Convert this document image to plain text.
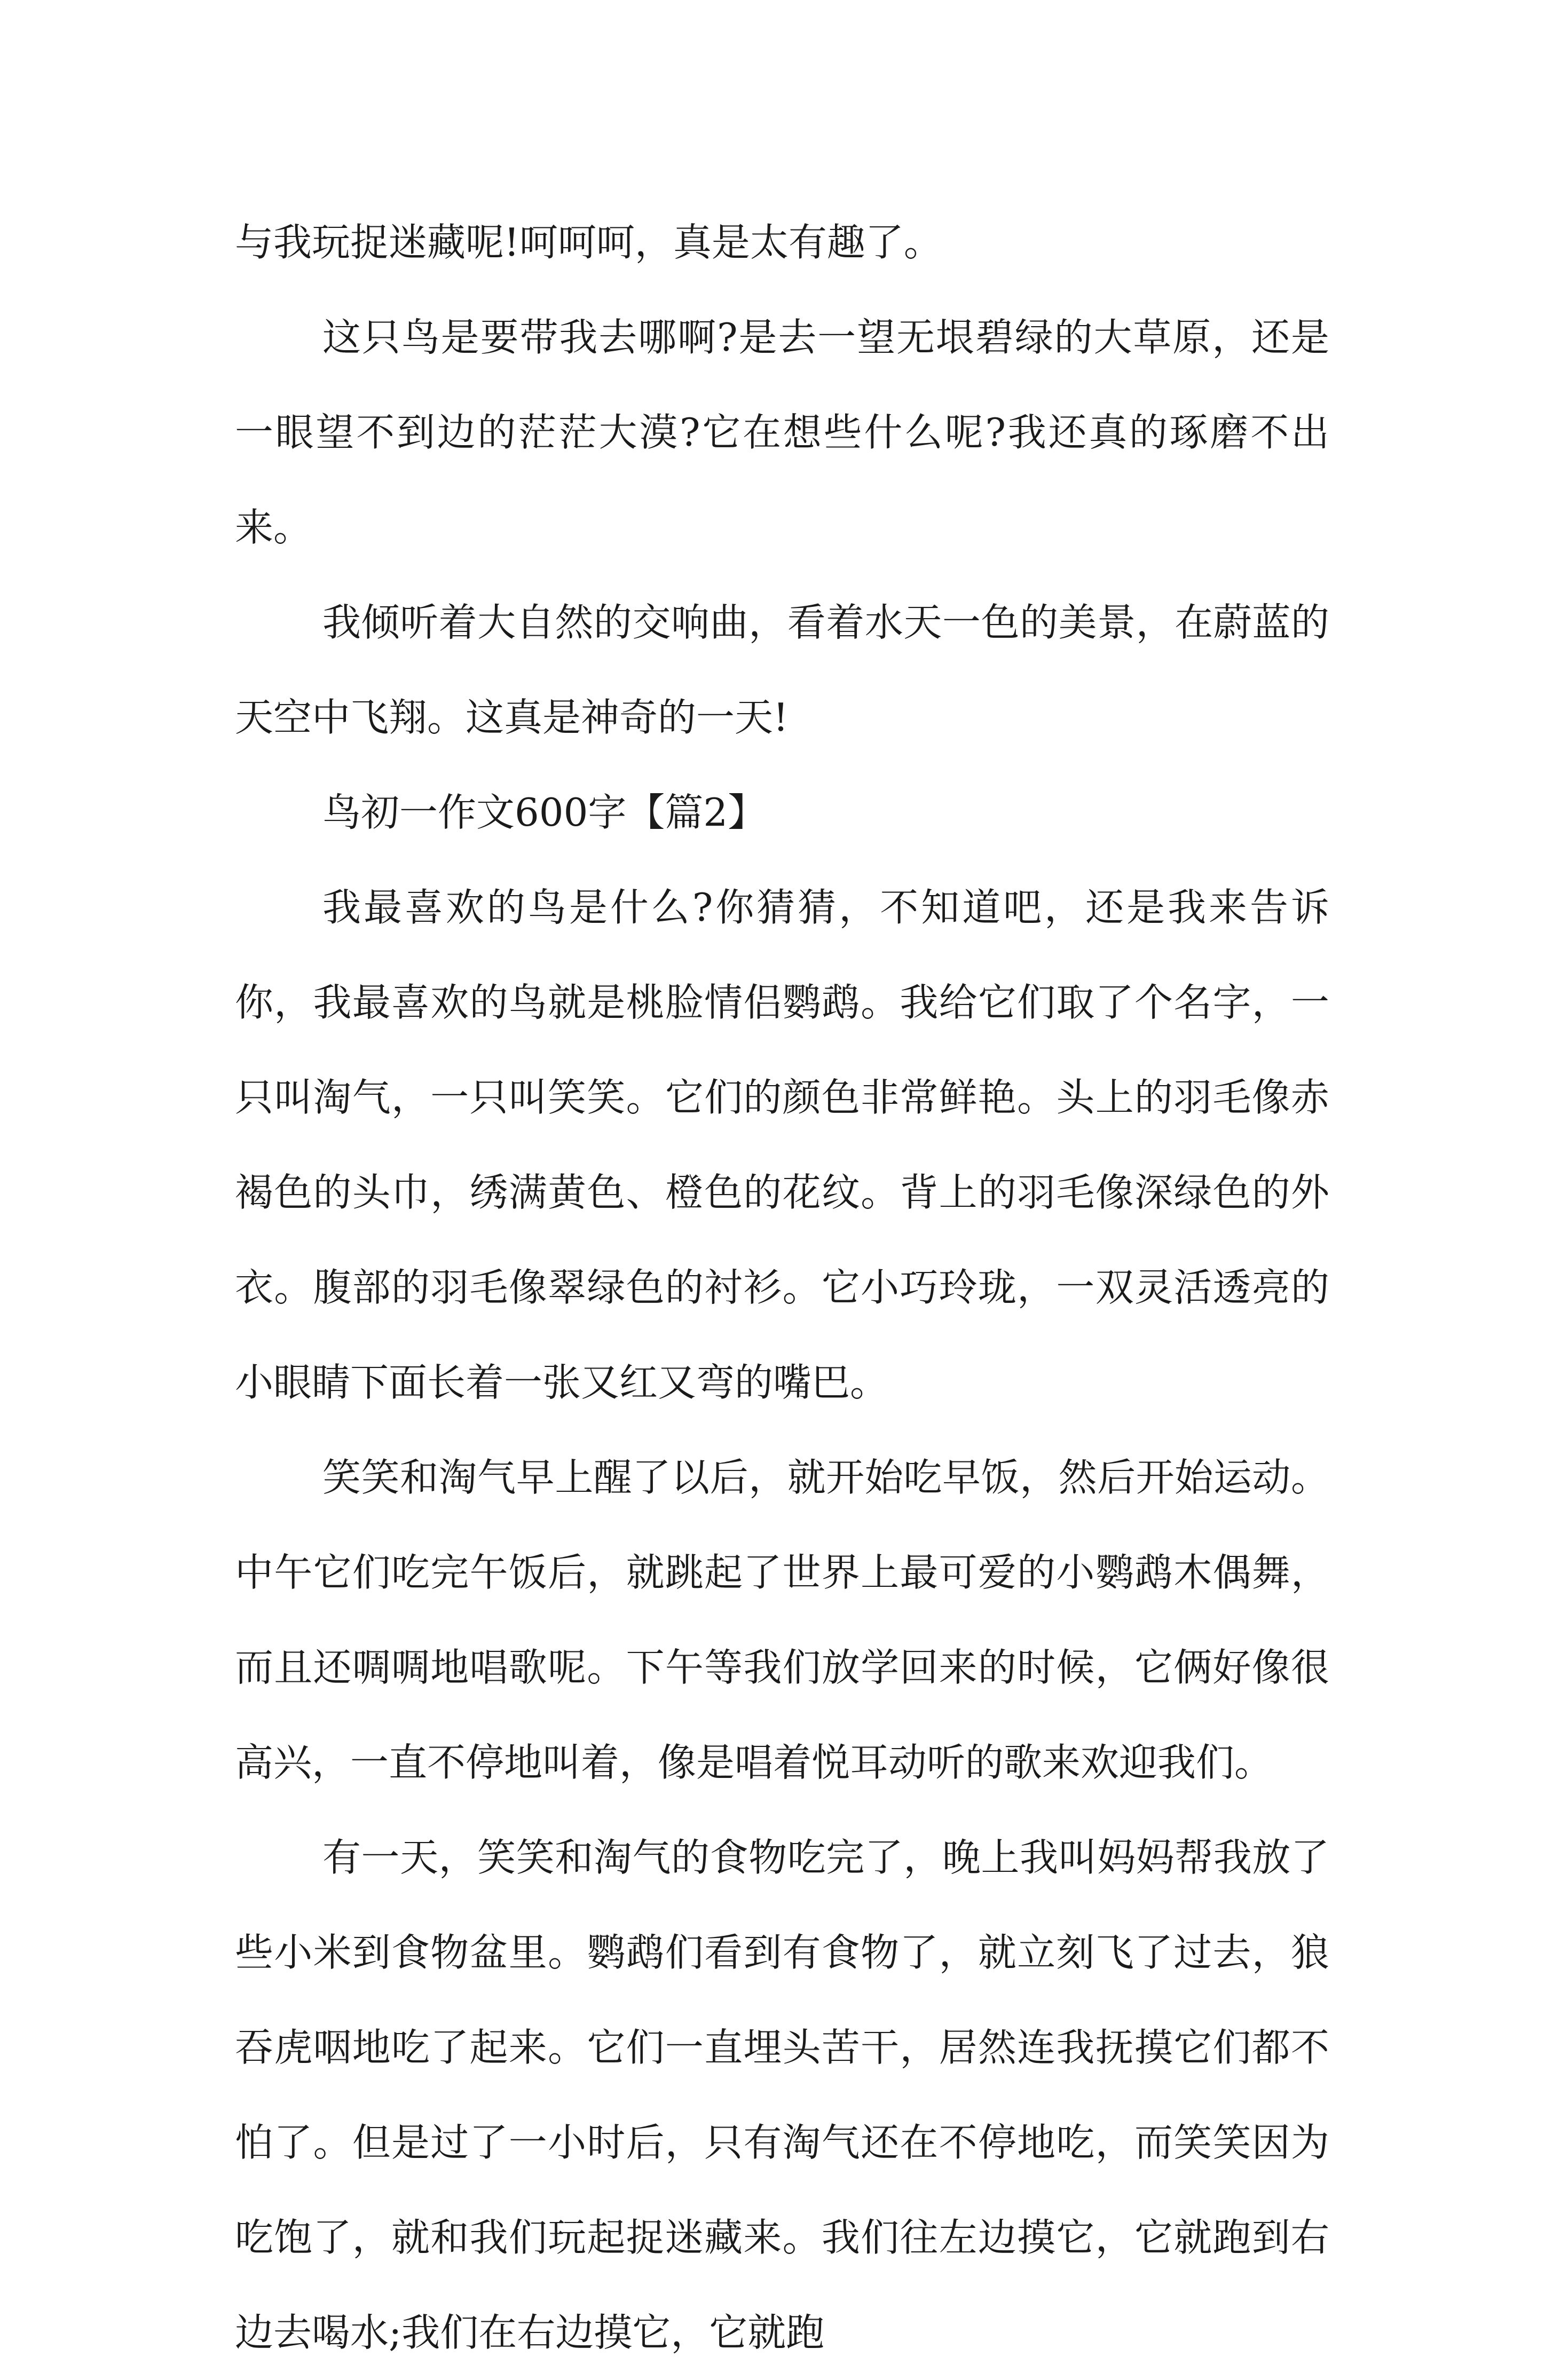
与我玩捉迷藏呢!呵呵呵，真是太有趣了。

这只鸟是要带我去哪啊?是去一望无垠碧绿的大草原，还是一眼望不到边的茫茫大漠?它在想些什么呢?我还真的琢磨不出来。

我倾听着大自然的交响曲，看着水天一色的美景，在蔚蓝的天空中飞翔。这真是神奇的一天!

鸟初一作文600字【篇2】

我最喜欢的鸟是什么?你猜猜，不知道吧，还是我来告诉你，我最喜欢的鸟就是桃脸情侣鹦鹉。我给它们取了个名字，一只叫淘气，一只叫笑笑。它们的颜色非常鲜艳。头上的羽毛像赤褐色的头巾，绣满黄色、橙色的花纹。背上的羽毛像深绿色的外衣。腹部的羽毛像翠绿色的衬衫。它小巧玲珑，一双灵活透亮的小眼睛下面长着一张又红又弯的嘴巴。

笑笑和淘气早上醒了以后，就开始吃早饭，然后开始运动。中午它们吃完午饭后，就跳起了世界上最可爱的小鹦鹉木偶舞，而且还啁啁地唱歌呢。下午等我们放学回来的时候，它俩好像很高兴，一直不停地叫着，像是唱着悦耳动听的歌来欢迎我们。

有一天，笑笑和淘气的食物吃完了，晚上我叫妈妈帮我放了些小米到食物盆里。鹦鹉们看到有食物了，就立刻飞了过去，狼吞虎咽地吃了起来。它们一直埋头苦干，居然连我抚摸它们都不怕了。但是过了一小时后，只有淘气还在不停地吃，而笑笑因为吃饱了，就和我们玩起捉迷藏来。我们往左边摸它，它就跑到右边去喝水;我们在右边摸它，它就跑
